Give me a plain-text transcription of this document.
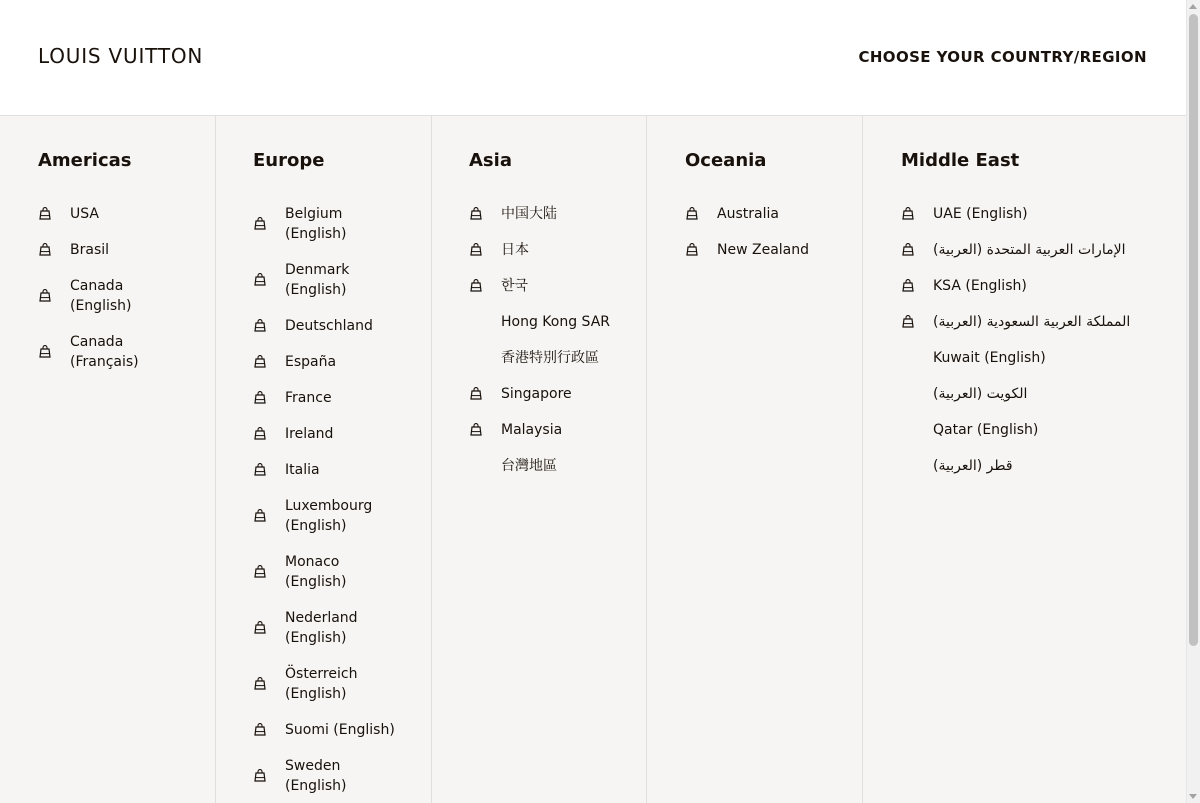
LOUIS VUITTON	CHOOSE YOUR COUNTRY/REGION
Americas
USA
Brasil
Canada
(English)
Canada
(Français)
Europe
Belgium
(English)
Denmark
(English)
Deutschland
España
France
Ireland
Italia
Luxembourg
(English)
Monaco
(English)
Nederland
(English)
Österreich
(English)
Suomi (English)
Sweden
(English)
Asia
中国大陆
日本
한국
Hong Kong SAR
香港特別行政區
Singapore
Malaysia
台灣地區
Oceania
Australia
New Zealand
Middle East
UAE (English)
الإمارات العربية المتحدة (العربية)
KSA (English)
المملكة العربية السعودية (العربية)
Kuwait (English)
الكويت (العربية)
Qatar (English)
قطر (العربية)
